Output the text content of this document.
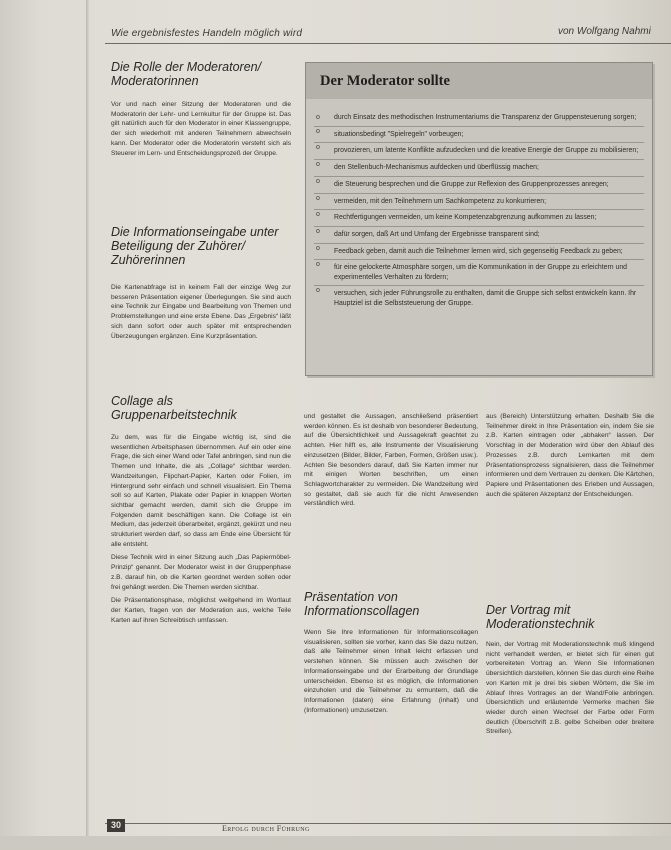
Wie ergebnisfestes Handeln möglich wird	von Wolfgang Nahmi
Die Rolle der Moderatoren/ Moderatorinnen

Vor und nach einer Sitzung der Moderatoren und die Moderatorin der Lehr- und Lernkultur für der Gruppe ist. Das gilt natürlich auch für den Moderator in einer Klassengruppe, der sich wiederholt mit anderen Teilnehmern abwechseln kann. Der Moderator oder die Moderatorin versteht sich als Steuerer im Lern- und Entscheidungsprozeß der Gruppe.

Die Informationseingabe unter Beteiligung der Zuhörer/ Zuhörerinnen

Die Kartenabfrage ist in keinem Fall der einzige Weg zur besseren Präsentation eigener Überlegungen. Sie sind auch eine Technik zur Eingabe und Bearbeitung von Themen und Problemstellungen und eine erste Ebene. Das „Ergebnis“ läßt sich dann sofort oder auch später mit entsprechenden Überzeugungen ergänzen. Eine Kurzpräsentation.

Collage als Gruppenarbeitstechnik

Zu dem, was für die Eingabe wichtig ist, sind die wesentlichen Arbeitsphasen übernommen. Auf ein oder eine Frage, die sich einer Wand oder Tafel anbringen, sind nun die Themen und Inhalte, die als „Collage“ sichtbar werden. Wandzeitungen, Flipchart-Papier, Karten oder Folien, im Hintergrund sehr einfach und schnell visualisiert. Ein Thema soll so auf Karten, Plakate oder Papier in knappen Worten sichtbar gemacht werden, damit sich die Gruppe im Folgenden damit beschäftigen kann. Die Collage ist ein Medium, das jederzeit überarbeitet, ergänzt, gekürzt und neu strukturiert werden darf, so dass am Ende eine Übersicht für alle entsteht.

Diese Technik wird in einer Sitzung auch „Das Papiermöbel-Prinzip“ genannt. Der Moderator weist in der Gruppenphase z.B. darauf hin, ob die Karten geordnet werden sollen oder frei gehängt werden. Die Themen werden sichtbar.

Die Präsentationsphase, möglichst weitgehend im Wortlaut der Karten, fragen von der Moderation aus, welche Teile Karten auf ihren Schreibtisch umfassen.

Der Moderator sollte
o durch Einsatz des methodischen Instrumentariums die Transparenz der Gruppensteuerung sorgen;
o situationsbedingt "Spielregeln" vorbeugen;
o provozieren, um latente Konflikte aufzudecken und die kreative Energie der Gruppe zu mobilisieren;
o den Stellenbuch-Mechanismus aufdecken und überflüssig machen;
o die Steuerung besprechen und die Gruppe zur Reflexion des Gruppenprozesses anregen;
o vermeiden, mit den Teilnehmern um Sachkompetenz zu konkurrieren;
o Rechtfertigungen vermeiden, um keine Kompetenzabgrenzung aufkommen zu lassen;
o dafür sorgen, daß Art und Umfang der Ergebnisse transparent sind;
o Feedback geben, damit auch die Teilnehmer lernen wird, sich gegenseitig Feedback zu geben;
o für eine gelockerte Atmosphäre sorgen, um die Kommunikation in der Gruppe zu erleichtern und experimentelles Verhalten zu fördern;
o versuchen, sich jeder Führungsrolle zu enthalten, damit die Gruppe sich selbst entwickeln kann. Ihr Hauptziel ist die Selbststeuerung der Gruppe.

und gestaltet die Aussagen, anschließend präsentiert werden können. Es ist deshalb von besonderer Bedeutung, auf die Übersichtlichkeit und Aussagekraft geachtet zu achten. Hier hilft es, alle Instrumente der Visualisierung einzusetzen (Bilder, Bilder, Farben, Formen, Größen usw.). Achten Sie besonders darauf, daß Sie Karten immer nur mit einigen Worten beschriften, um einen Schlagwortcharakter zu vermeiden. Die Wandzeitung wird so gestaltet, daß sie auch für die nicht Anwesenden verständlich wird.

Präsentation von Informationscollagen

Wenn Sie Ihre Informationen für Informationscollagen visualisieren, sollten sie vorher, kann das Sie dazu nutzen, daß alle Teilnehmer einen Inhalt leicht erfassen und verstehen können. Sie müssen auch zwischen der Informationseingabe und der Erarbeitung der Grundlage unterscheiden. Ebenso ist es möglich, die Informationen einzuholen und die Teilnehmer zu ermuntern, daß die Informationen (daten) eine Erfahrung (inhalt) und (Informationen) umzusetzen.

aus (Bereich) Unterstützung erhalten. Deshalb Sie die Teilnehmer direkt in Ihre Präsentation ein, indem Sie sie z.B. Karten eintragen oder „abhaken“ lassen. Der Vorschlag in der Moderation wird über den Ablauf des Prozesses z.B. durch Lernkarten mit dem Präsentationsprozess signalisieren, dass die Teilnehmer informieren und dem Vertrauen zu denken. Die Kärtchen, Papiere und Präsentationen des Erleben und Aussagen, auch die späteren Akzeptanz der Entscheidungen.

Der Vortrag mit Moderationstechnik

Nein, der Vortrag mit Moderationstechnik muß klingend nicht verhandelt werden, er bietet sich für einen gut vorbereiteten Vortrag an. Wenn Sie Informationen übersichtlich darstellen, können Sie das durch eine Reihe von Karten mit je drei bis sieben Wörtern, die Sie im Ablauf Ihres Vortrages an der Wand/Folie anbringen. Übersichtlich und erläuternde Vermerke machen Sie wieder durch einen Wechsel der Farbe oder Form deutlich (Überschrift z.B. gelbe Scheiben oder breitere Streifen).

30	Erfolg durch Führung
